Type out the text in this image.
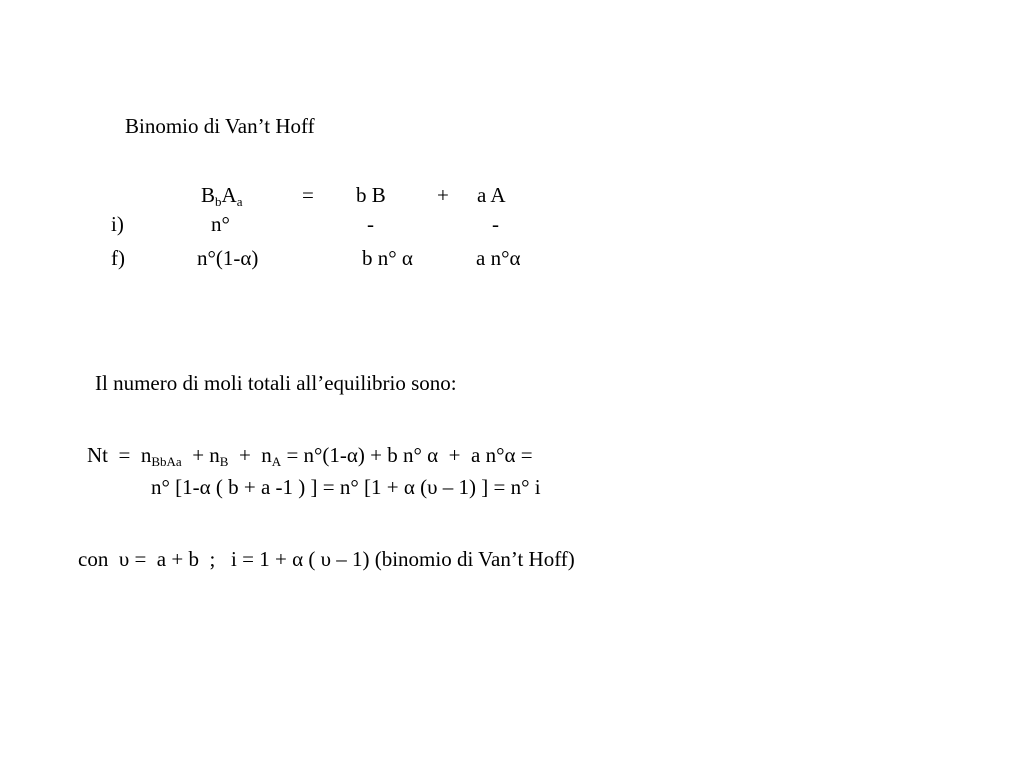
Binomio di Van’t Hoff
$B_bA_a$	= b B + a A
i)	n°	-	-
f)	n°(1-α)	b n° α	a n°α
Il numero di moli totali all’equilibrio sono:
$Nt = n_{BbAa} + n_B + n_A = n^\circ(1-\alpha) + b$ n° α  +  a n°α =
n° [1-α ( b + a -1 ) ] = n° [1 + α (υ – 1) ] = n° i
con  υ =  a + b  ;   i = 1 + α ( υ – 1) (binomio di Van’t Hoff)
